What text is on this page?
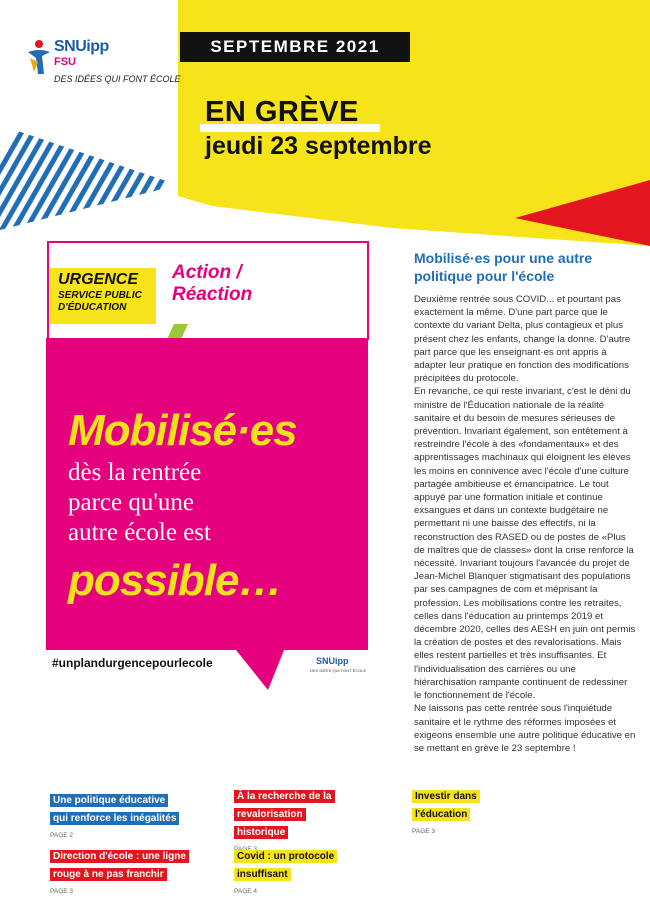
SNUipp
FSU
DES IDÉES QUI FONT ÉCOLE
SEPTEMBRE 2021
EN GRÈVE
jeudi 23 septembre
URGENCE
SERVICE PUBLIC D'ÉDUCATION
Action /
Réaction
Mobilisé·es
dès la rentrée
parce qu'une
autre école est
possible…
#unplandurgencepourlecole	SNUipp
DES IDÉES QUI FONT ÉCOLE
Mobilisé·es pour une autre politique pour l'école

Deuxième rentrée sous COVID... et pourtant pas exactement la même. D'une part parce que le contexte du variant Delta, plus contagieux et plus présent chez les enfants, change la donne. D'autre part parce que les enseignant·es ont appris à adapter leur pratique en fonction des modifications précipitées du protocole.

En revanche, ce qui reste invariant, c'est le déni du ministre de l'Éducation nationale de la réalité sanitaire et du besoin de mesures sérieuses de prévention. Invariant également, son entêtement à restreindre l'école à des «fondamentaux» et des apprentissages machinaux qui éloignent les élèves les moins en connivence avec l'école d'une culture partagée ambitieuse et émancipatrice. Le tout appuyé par une formation initiale et continue exsangues et dans un contexte budgétaire ne permettant ni une baisse des effectifs, ni la reconstruction des RASED ou de postes de «Plus de maîtres que de classes» dont la crise renforce la nécessité. Invariant toujours l'avancée du projet de Jean-Michel Blanquer stigmatisant des populations par ses campagnes de com et méprisant la profession. Les mobilisations contre les retraites, celles dans l'éducation au printemps 2019 et décembre 2020, celles des AESH en juin ont permis la création de postes et des revalorisations. Mais elles restent partielles et très insuffisantes. Et l'individualisation des carrières ou une hiérarchisation rampante continuent de redessiner le fonctionnement de l'école.

Ne laissons pas cette rentrée sous l'inquiétude sanitaire et le rythme des réformes imposées et exigeons ensemble une autre politique éducative en se mettant en grève le 23 septembre !

Une politique éducative qui renforce les inégalités
PAGE 2
À la recherche de la revalorisation historique
Investir dans l'éducation
PAGE 3
Direction d'école : une ligne rouge à ne pas franchir
PAGE 3
Covid : un protocole insuffisant
PAGE 4
